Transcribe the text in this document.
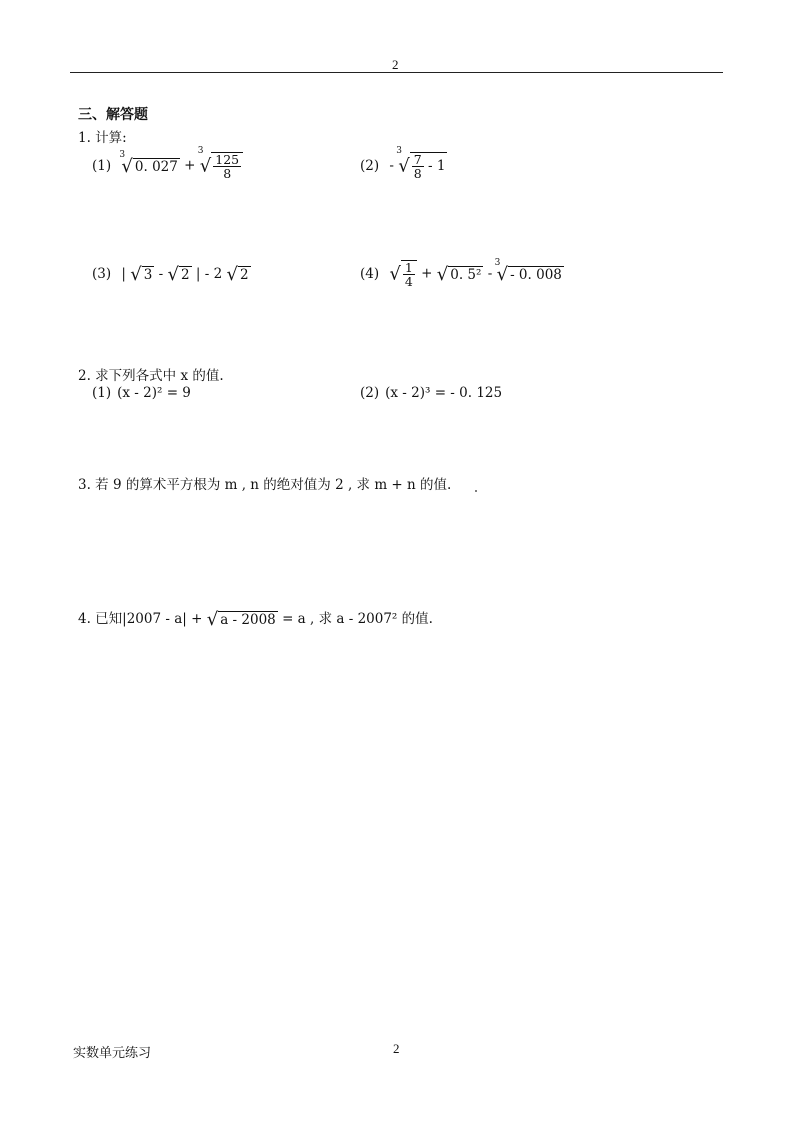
2
三、解答题
1. 计算:
(1)
3
√ 0. 027 +
3
√ $\frac{125}{8}$	(2) -
3
√ $\frac{7}{8} - 1$
(3) | √ 3 - √ 2 | - 2 √ 2	(4) √ $\frac{1}{4}$ + √ 0. 5² -
3
√ - 0. 008
2. 求下列各式中 x 的值.
(1) (x - 2)² = 9	(2) (x - 2)³ = - 0. 125
3. 若 9 的算术平方根为 m , n 的绝对值为 2 , 求 m + n 的值.
4. 已知|2007 - a| + √ a - 2008 = a , 求 a - 2007² 的值.
实数单元练习	2
